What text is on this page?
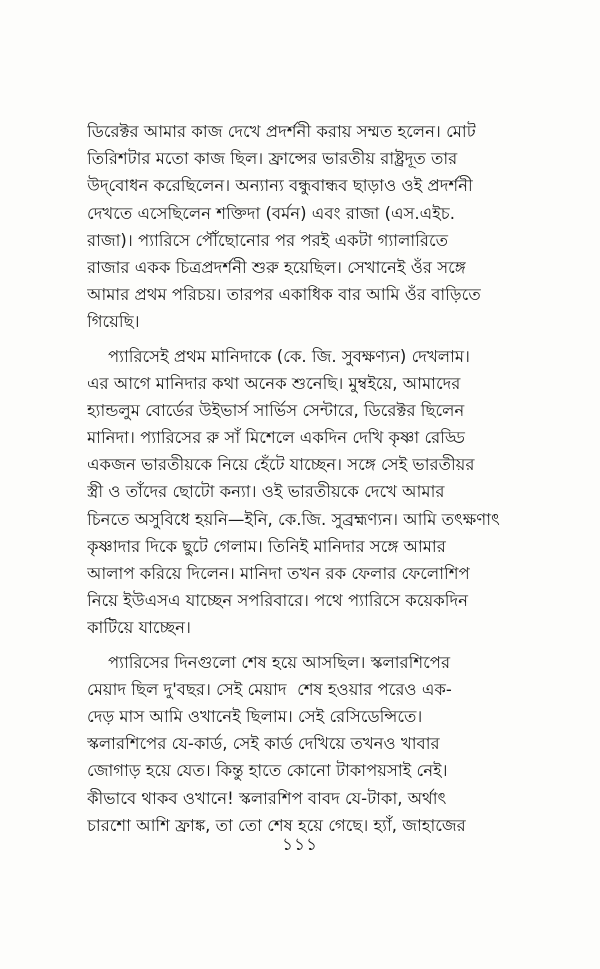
ডিরেক্টর আমার কাজ দেখে প্রদর্শনী করায় সম্মত হলেন। মোট
তিরিশটার মতো কাজ ছিল। ফ্রান্সের ভারতীয় রাষ্ট্রদূত তার
উদ্‌বোধন করেছিলেন। অন্যান্য বন্ধুবান্ধব ছাড়াও ওই প্রদর্শনী
দেখতে এসেছিলেন শক্তিদা (বর্মন) এবং রাজা (এস.এইচ.
রাজা)। প্যারিসে পৌঁছোনোর পর পরই একটা গ্যালারিতে
রাজার একক চিত্রপ্রদর্শনী শুরু হয়েছিল। সেখানেই ওঁর সঙ্গে
আমার প্রথম পরিচয়। তারপর একাধিক বার আমি ওঁর বাড়িতে
গিয়েছি।
প্যারিসেই প্রথম মানিদাকে (কে. জি. সুবক্ষণ্যন) দেখলাম।
এর আগে মানিদার কথা অনেক শুনেছি। মুম্বইয়ে, আমাদের
হ্যান্ডলুম বোর্ডের উইভার্স সার্ভিস সেন্টারে, ডিরেক্টর ছিলেন
মানিদা। প্যারিসের রু সাঁ মিশেলে একদিন দেখি কৃষ্ণা রেড্ডি
একজন ভারতীয়কে নিয়ে হেঁটে যাচ্ছেন। সঙ্গে সেই ভারতীয়র
স্ত্রী ও তাঁদের ছোটো কন্যা। ওই ভারতীয়কে দেখে আমার
চিনতে অসুবিধে হয়নি—ইনি, কে.জি. সুব্রহ্মণ্যন। আমি তৎক্ষণাৎ
কৃষ্ণাদার দিকে ছুটে গেলাম। তিনিই মানিদার সঙ্গে আমার
আলাপ করিয়ে দিলেন। মানিদা তখন রক ফেলার ফেলোশিপ
নিয়ে ইউএসএ যাচ্ছেন সপরিবারে। পথে প্যারিসে কয়েকদিন
কাটিয়ে যাচ্ছেন।
প্যারিসের দিনগুলো শেষ হয়ে আসছিল। স্কলারশিপের
মেয়াদ ছিল দু'বছর। সেই মেয়াদ  শেষ হওয়ার পরেও এক-
দেড় মাস আমি ওখানেই ছিলাম। সেই রেসিডেন্সিতে।
স্কলারশিপের যে-কার্ড, সেই কার্ড দেখিয়ে তখনও খাবার
জোগাড় হয়ে যেত। কিন্তু হাতে কোনো টাকাপয়সাই নেই।
কীভাবে থাকব ওখানে! স্কলারশিপ বাবদ যে-টাকা, অর্থাৎ
চারশো আশি ফ্রাঙ্ক, তা তো শেষ হয়ে গেছে। হ্যাঁ, জাহাজের
১১১
